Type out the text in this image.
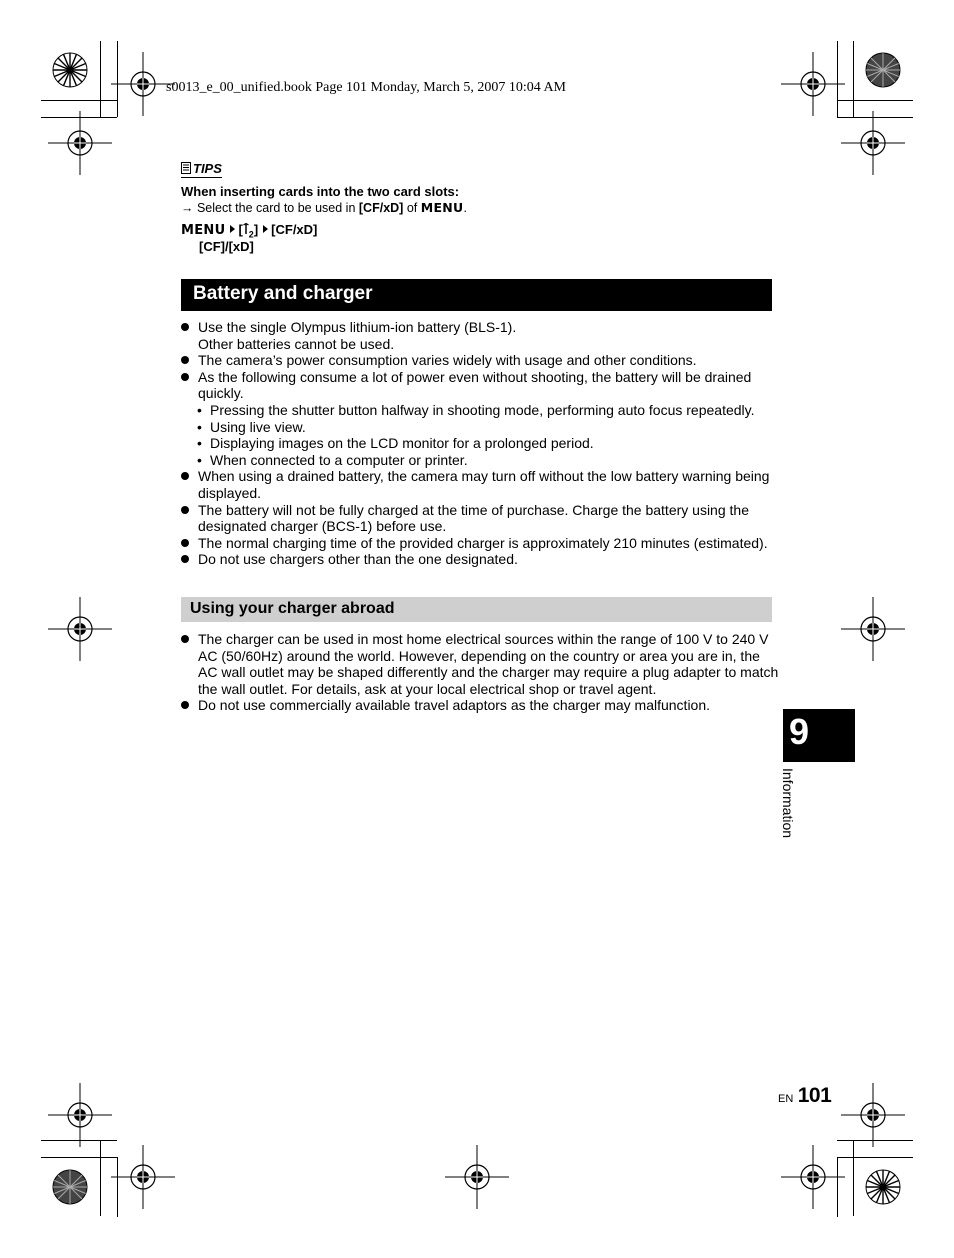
s0013_e_00_unified.book Page 101 Monday, March 5, 2007 10:04 AM
TIPS
When inserting cards into the two card slots:
→ Select the card to be used in [CF/xD] of MENU.
MENU [ $_2$] [CF/xD]
[CF]/[xD]
Battery and charger
Use the single Olympus lithium-ion battery (BLS-1).
Other batteries cannot be used.
The camera’s power consumption varies widely with usage and other conditions.
As the following consume a lot of power even without shooting, the battery will be drained quickly.
• Pressing the shutter button halfway in shooting mode, performing auto focus repeatedly.
• Using live view.
• Displaying images on the LCD monitor for a prolonged period.
• When connected to a computer or printer.
When using a drained battery, the camera may turn off without the low battery warning being displayed.
The battery will not be fully charged at the time of purchase. Charge the battery using the designated charger (BCS-1) before use.
The normal charging time of the provided charger is approximately 210 minutes (estimated).
Do not use chargers other than the one designated.
Using your charger abroad
The charger can be used in most home electrical sources within the range of 100 V to 240 V AC (50/60Hz) around the world. However, depending on the country or area you are in, the AC wall outlet may be shaped differently and the charger may require a plug adapter to match the wall outlet. For details, ask at your local electrical shop or travel agent.
Do not use commercially available travel adaptors as the charger may malfunction.
9
Information
EN 101
